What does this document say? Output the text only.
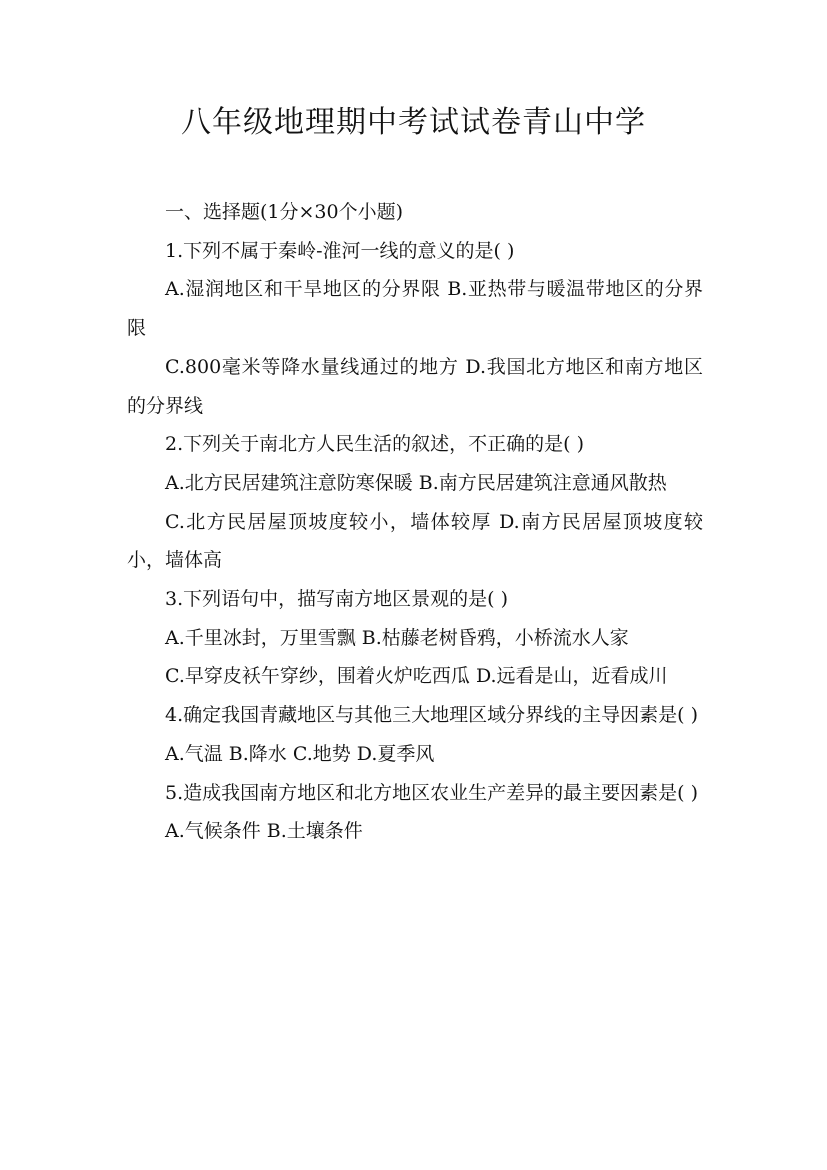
八年级地理期中考试试卷青山中学

一、选择题(1分×30个小题)

1.下列不属于秦岭-淮河一线的意义的是( )

A.湿润地区和干旱地区的分界限 B.亚热带与暖温带地区的分界限

C.800毫米等降水量线通过的地方 D.我国北方地区和南方地区的分界线

2.下列关于南北方人民生活的叙述，不正确的是( )

A.北方民居建筑注意防寒保暖 B.南方民居建筑注意通风散热

C.北方民居屋顶坡度较小，墙体较厚 D.南方民居屋顶坡度较小，墙体高

3.下列语句中，描写南方地区景观的是( )

A.千里冰封，万里雪飘 B.枯藤老树昏鸦，小桥流水人家

C.早穿皮袄午穿纱，围着火炉吃西瓜 D.远看是山，近看成川

4.确定我国青藏地区与其他三大地理区域分界线的主导因素是( )

A.气温 B.降水 C.地势 D.夏季风

5.造成我国南方地区和北方地区农业生产差异的最主要因素是( )

A.气候条件 B.土壤条件
